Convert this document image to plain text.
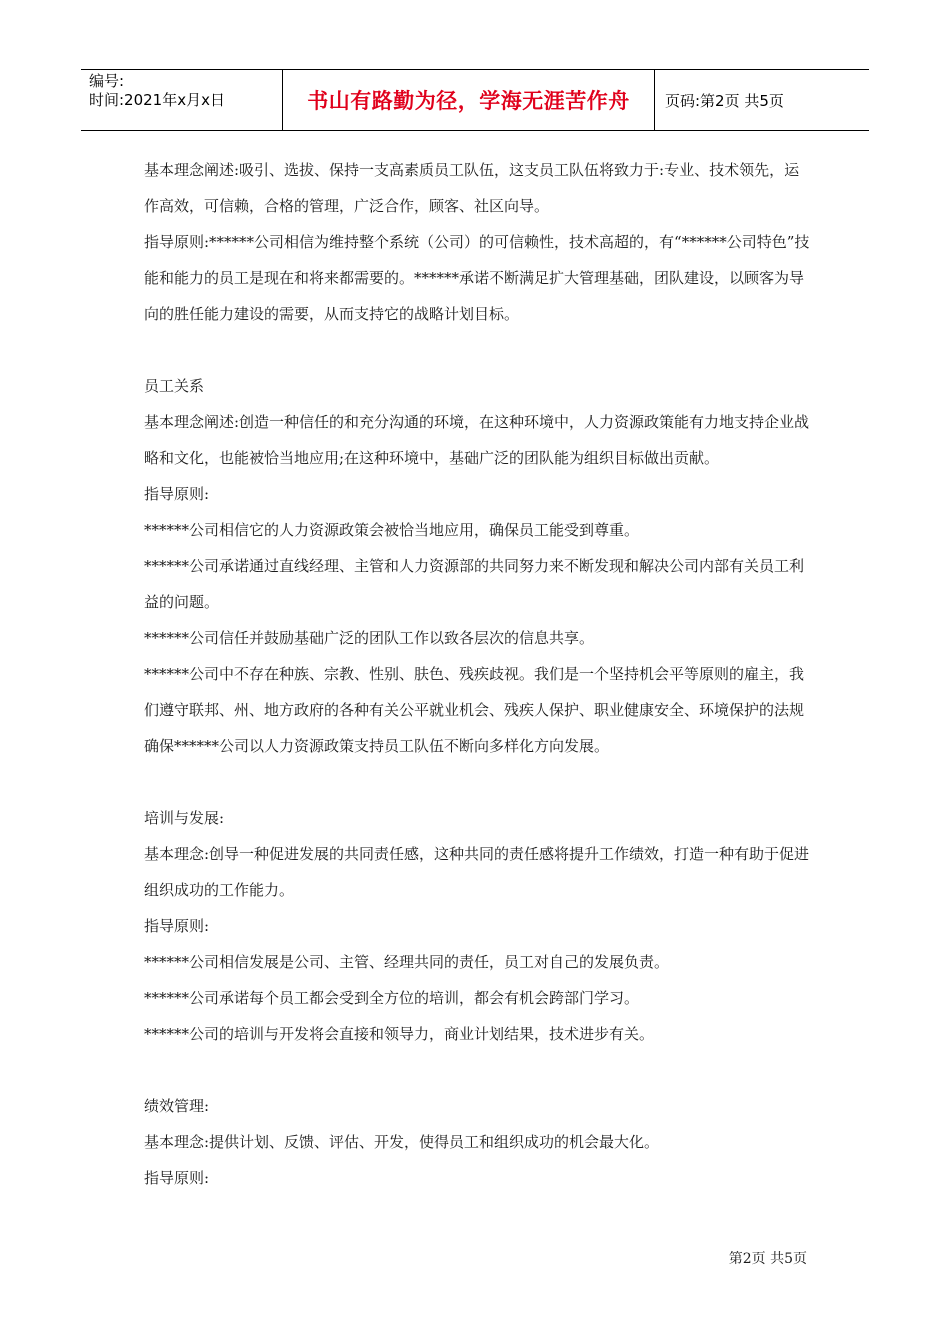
编号:
时间:2021年x月x日	书山有路勤为径，学海无涯苦作舟 页码:第2页 共5页

基本理念阐述:吸引、选拔、保持一支高素质员工队伍，这支员工队伍将致力于:专业、技术领先，运作高效，可信赖，合格的管理，广泛合作，顾客、社区向导。

指导原则:******公司相信为维持整个系统（公司）的可信赖性，技术高超的，有“******公司特色”技能和能力的员工是现在和将来都需要的。******承诺不断满足扩大管理基础，团队建设，以顾客为导向的胜任能力建设的需要，从而支持它的战略计划目标。

员工关系

基本理念阐述:创造一种信任的和充分沟通的环境，在这种环境中，人力资源政策能有力地支持企业战略和文化，也能被恰当地应用;在这种环境中，基础广泛的团队能为组织目标做出贡献。

指导原则:

******公司相信它的人力资源政策会被恰当地应用，确保员工能受到尊重。

******公司承诺通过直线经理、主管和人力资源部的共同努力来不断发现和解决公司内部有关员工利益的问题。

******公司信任并鼓励基础广泛的团队工作以致各层次的信息共享。

******公司中不存在种族、宗教、性别、肤色、残疾歧视。我们是一个坚持机会平等原则的雇主，我们遵守联邦、州、地方政府的各种有关公平就业机会、残疾人保护、职业健康安全、环境保护的法规

确保******公司以人力资源政策支持员工队伍不断向多样化方向发展。

培训与发展:

基本理念:创导一种促进发展的共同责任感，这种共同的责任感将提升工作绩效，打造一种有助于促进组织成功的工作能力。

指导原则:

******公司相信发展是公司、主管、经理共同的责任，员工对自己的发展负责。

******公司承诺每个员工都会受到全方位的培训，都会有机会跨部门学习。

******公司的培训与开发将会直接和领导力，商业计划结果，技术进步有关。

绩效管理:

基本理念:提供计划、反馈、评估、开发，使得员工和组织成功的机会最大化。

指导原则:

第2页 共5页
